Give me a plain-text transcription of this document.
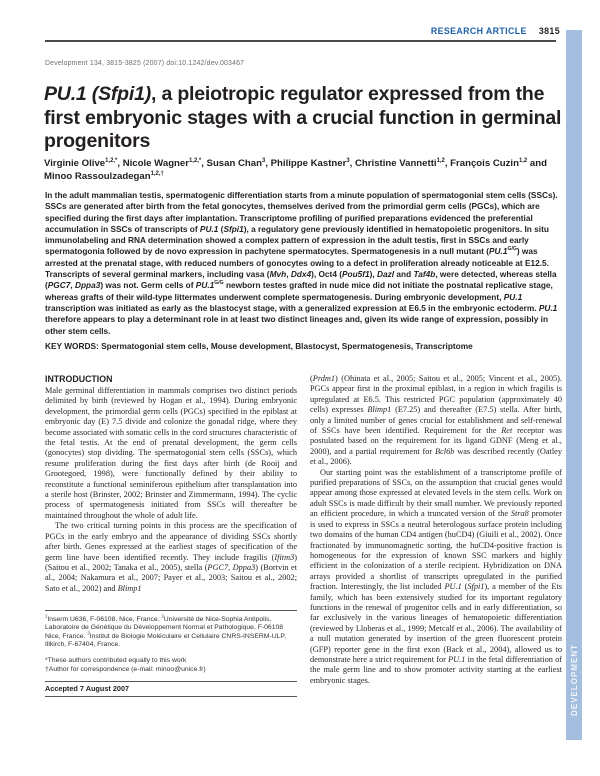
RESEARCH ARTICLE 3815
DEVELOPMENT
Development 134, 3815-3825 (2007) doi:10.1242/dev.003467
PU.1 (Sfpi1), a pleiotropic regulator expressed from the first embryonic stages with a crucial function in germinal progenitors
Virginie Olive$^{1,2,*}$, Nicole Wagner$^{1,2,*}$, Susan Chan$^3$, Philippe Kastner$^3$, Christine Vannetti$^{1,2}$, François Cuzin$^{1,2}$ and Minoo Rassoulzadegan$^{1,2,\dagger}$
In the adult mammalian testis, spermatogenic differentiation starts from a minute population of spermatogonial stem cells (SSCs). SSCs are generated after birth from the fetal gonocytes, themselves derived from the primordial germ cells (PGCs), which are specified during the first days after implantation. Transcriptome profiling of purified preparations evidenced the preferential accumulation in SSCs of transcripts of PU.1 (Sfpi1), a regulatory gene previously identified in hematopoietic progenitors. In situ immunolabeling and RNA determination showed a complex pattern of expression in the adult testis, first in SSCs and early spermatogonia followed by de novo expression in pachytene spermatocytes. Spermatogenesis in a null mutant $(PU.1^{G/G})$ was arrested at the prenatal stage, with reduced numbers of gonocytes owing to a defect in proliferation already noticeable at E12.5. Transcripts of several germinal markers, including vasa (Mvh, Ddx4), Oct4 (Pou5f1), Dazl and Taf4b, were detected, whereas stella (PGC7, Dppa3) was not. Germ cells of $PU.1^{G/G}$ newborn testes grafted in nude mice did not initiate the postnatal replicative stage, whereas grafts of their wild-type littermates underwent complete spermatogenesis. During embryonic development, PU.1 transcription was initiated as early as the blastocyst stage, with a generalized expression at E6.5 in the embryonic ectoderm. PU.1 therefore appears to play a determinant role in at least two distinct lineages and, given its wide range of expression, possibly in other stem cells.
KEY WORDS: Spermatogonial stem cells, Mouse development, Blastocyst, Spermatogenesis, Transcriptome
INTRODUCTION

Male germinal differentiation in mammals comprises two distinct periods delimited by birth (reviewed by Hogan et al., 1994). During embryonic development, the primordial germ cells (PGCs) specified in the epiblast at embryonic day (E) 7.5 divide and colonize the gonadal ridge, where they become associated with somatic cells in the cord structures characteristic of the fetal testis. At the end of prenatal development, the germ cells (gonocytes) stop dividing. The spermatogonial stem cells (SSCs), which resume proliferation during the first days after birth (de Rooij and Grootegoed, 1998), were functionally defined by their ability to reconstitute a functional seminiferous epithelium after transplantation into a sterile host (Brinster, 2002; Brinster and Zimmermann, 1994). The cyclic process of spermatogenesis initiated from SSCs will thereafter be maintained throughout the whole of adult life.

The two critical turning points in this process are the specification of PGCs in the early embryo and the appearance of dividing SSCs shortly after birth. Genes expressed at the earliest stages of specification of the germ line have been identified recently. They include fragilis (Ifitm3) (Saitou et al., 2002; Tanaka et al., 2005), stella (PGC7, Dppa3) (Bortvin et al., 2004; Nakamura et al., 2007; Payer et al., 2003; Saitou et al., 2002; Sato et al., 2002) and Blimp1

$^1$Inserm U636, F-06108, Nice, France. $^2$Université de Nice-Sophia Antipolis, Laboratoire de Génétique du Développement Normal et Pathologique, F-06108 Nice, France. $^3$Institut de Biologie Moléculaire et Cellulaire CNRS-INSERM-ULP, Illkirch, F-67404, France.

*These authors contributed equally to this work

†Author for correspondence (e-mail: minoo@unice.fr)

Accepted 7 August 2007

(Prdm1) (Ohinata et al., 2005; Saitou et al., 2005; Vincent et al., 2005). PGCs appear first in the proximal epiblast, in a region in which fragilis is upregulated at E6.5. This restricted PGC population (approximately 40 cells) expresses Blimp1 (E7.25) and thereafter (E7.5) stella. After birth, only a limited number of genes crucial for establishment and self-renewal of SSCs have been identified. Requirement for the Ret receptor was postulated based on the requirement for its ligand GDNF (Meng et al., 2000), and a partial requirement for Bcl6b was described recently (Oatley et al., 2006).

Our starting point was the establishment of a transcriptome profile of purified preparations of SSCs, on the assumption that crucial genes would appear among those expressed at elevated levels in the stem cells. Work on adult SSCs is made difficult by their small number. We previously reported an efficient procedure, in which a truncated version of the Stra8 promoter is used to express in SSCs a neutral heterologous surface protein including two domains of the human CD4 antigen (huCD4) (Giuili et al., 2002). Once fractionated by immunomagnetic sorting, the huCD4-positive fraction is homogeneous for the expression of known SSC markers and highly efficient in the colonization of a sterile recipient. Hybridization on DNA arrays provided a shortlist of transcripts upregulated in the purified fraction. Interestingly, the list included PU.1 (Sfpi1), a member of the Ets family, which has been extensively studied for its important regulatory functions in the renewal of progenitor cells and in early differentiation, so far exclusively in the various lineages of hematopoietic differentiation (reviewed by Lloberas et al., 1999; Metcalf et al., 2006). The availability of a null mutation generated by insertion of the green fluorescent protein (GFP) reporter gene in the first exon (Back et al., 2004), allowed us to demonstrate here a strict requirement for PU.1 in the fetal differentiation of the male germ line and to show promoter activity starting at the earliest embryonic stages.
